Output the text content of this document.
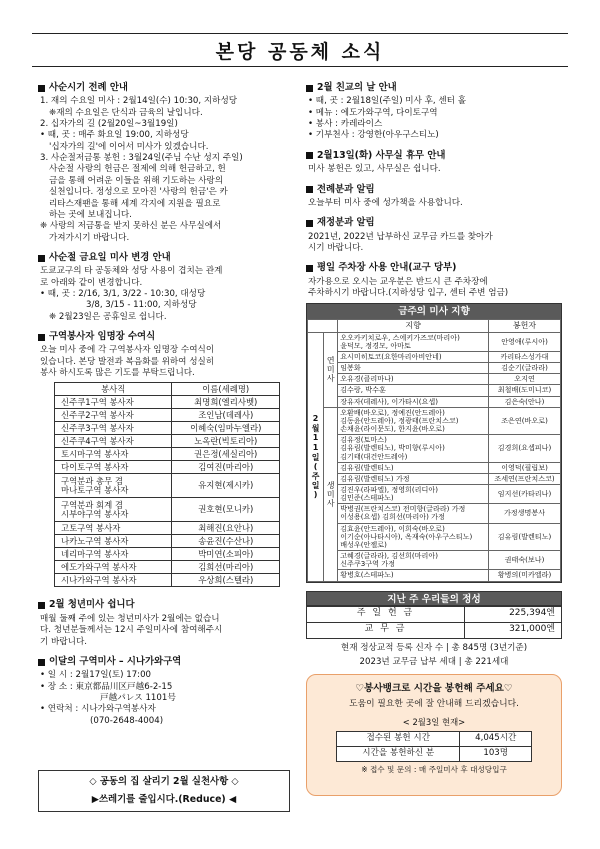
본당 공동체 소식
사순시기 전례 안내
1. 재의 수요일 미사 : 2월14일(수) 10:30, 지하성당
❈재의 수요일은 단식과 금육의 날입니다.
2. 십자가의 길 (2월20일~3월19일)
• 때, 곳 : 매주 화요일 19:00, 지하성당
'십자가의 길'에 이어서 미사가 있겠습니다.
3. 사순절저금통 봉헌 : 3월24일(주님 수난 성지 주일)
사순절 사랑의 헌금은 절제에 의해 헌금하고, 헌
금을 통해 어려운 이들을 위해 기도하는 사랑의
실천입니다. 정성으로 모아진 '사랑의 헌금'은 카
리타스재팬을 통해 세계 각지에 지원을 필요로
하는 곳에 보내집니다.
❈ 사랑의 저금통을 받지 못하신 분은 사무실에서
가져가시기 바랍니다.
사순절 금요일 미사 변경 안내
도쿄교구의 타 공동체와 성당 사용이 겹치는 관계
로 아래와 같이 변경합니다.
• 때, 곳 : 2/16, 3/1, 3/22 - 10:30, 대성당
3/8, 3/15 - 11:00, 지하성당
❈ 2월23일은 공휴일로 쉽니다.
구역봉사자 임명장 수여식
오늘 미사 중에 각 구역봉사자 임명장 수여식이
있습니다. 본당 발전과 복음화를 위하여 성실히
봉사 하시도록 많은 기도를 부탁드립니다.
봉사직	이름(세례명)
신주쿠1구역 봉사자	최명희(엘리사벳)
신주쿠2구역 봉사자	조인남(데레사)
신주쿠3구역 봉사자	이혜숙(임마누엘라)
신주쿠4구역 봉사자	노옥란(빅토리아)
토시마구역 봉사자	권은정(세실리아)
다이토구역 봉사자	김여진(마리아)
구역분과 총무 겸
마나토구역 봉사자	유지현(제시카)
구역분과 회계 겸
시부야구역 봉사자	권호현(모니카)
고토구역 봉사자	최해진(요안나)
나카노구역 봉사자	송윤진(수산나)
네리마구역 봉사자	박미연(소피아)
에도가와구역 봉사자	김희선(마리아)
시나가와구역 봉사자	우상희(스텔라)
2월 청년미사 쉽니다
매월 둘째 주에 있는 청년미사가 2월에는 없습니
다. 청년분들께서는 12시 주일미사에 참여해주시
기 바랍니다.
이달의 구역미사 – 시나가와구역
• 일 시 : 2월17일(토) 17:00
• 장 소 : 東京都品川区戸越6-2-15
戸越パレス 1101号
• 연락처 : 시나가와구역봉사자
(070-2648-4004)
◇ 공동의 집 살리기 2월 실천사항 ◇
▶쓰레기를 줄입시다.(Reduce) ◀
2월 친교의 날 안내
• 때, 곳 : 2월18일(주일) 미사 후, 센터 홀
• 메뉴 : 에도가와구역, 다이토구역
• 봉사 : 카레라이스
• 기부천사 : 강영한(아우구스티노)
2월13일(화) 사무실 휴무 안내
미사 봉헌은 있고, 사무실은 쉽니다.
전례분과 알림
오늘부터 미사 중에 성가책을 사용합니다.
재정분과 알림
2021년, 2022년 납부하신 교무금 카드를 찾아가
시기 바랍니다.
평일 주차장 사용 안내(교구 당부)
자가용으로 오시는 교우분은 반드시 큰 주차장에
주차하시기 바랍니다.(지하성당 입구, 센터 주변 엄금)
금주의 미사 지향
		지향	봉헌자
2월11일(주일)	연미사	오오카키치로우, 스에키가즈코(마리아)
윤덕모, 정경모, 아마토	안영애(루시아)
		요시미히토코(요한마리아비안네)	카리타스성가대
		임봉화	김순기(글라라)
		오유경(클리마나)	오지연
		김수랑, 박수훈	최철배(도미니코)
		장유자(데레사), 이가타시(요셉)	김은숙(안나)
	생미사	오환배(바오로), 정예진(안드레아)
김동윤(안드레아), 정광태(프란치스코)
손채윤(라이문도), 한지윤(바오로)	조은연(바오로)
		김유정(토마스)
김유림(발렌티노), 박미향(루시아)
김기태(대건안드레아)	김경희(요셉피나)
		김유림(발렌티노)	이영덕(필립보)
		김유림(발렌티노) 가정	조세연(프란치스코)
		김진우(라파엘), 정영희(리디아)
김민준(스테파노)	임지선(카타리나)
		박병권(프란치스코) 전미향(글라라) 가정
이성용(요셉) 김희선(마리아) 가정	가정생명봉사
		김효윤(안드레아), 이희숙(바오로)
이기순(아나타시아), 옥재숙(아우구스티노)
배성우(안젤로)	김유림(발렌티노)
		고혜경(글라라), 김선희(마리아)
신주쿠3구역 가정	권태숙(보나)
		황병호(스테파노)	황병의(미카엘라)
지난 주 우리들의 정성
주 일 헌 금	225,394엔
교 무 금	321,000엔
현재 정상교적 등록 신자 수 | 총 845명 (3년기준)
2023년 교무금 납부 세대 | 총 221세대
♡봉사뱅크로 시간을 봉헌해 주세요♡
도움이 필요한 곳에 잘 안내해 드리겠습니다.
< 2월3일 현재>
접수된 봉헌 시간	4,045시간
시간을 봉헌하신 분	103명
※ 접수 및 문의 : 매 주일미사 후 대성당입구
